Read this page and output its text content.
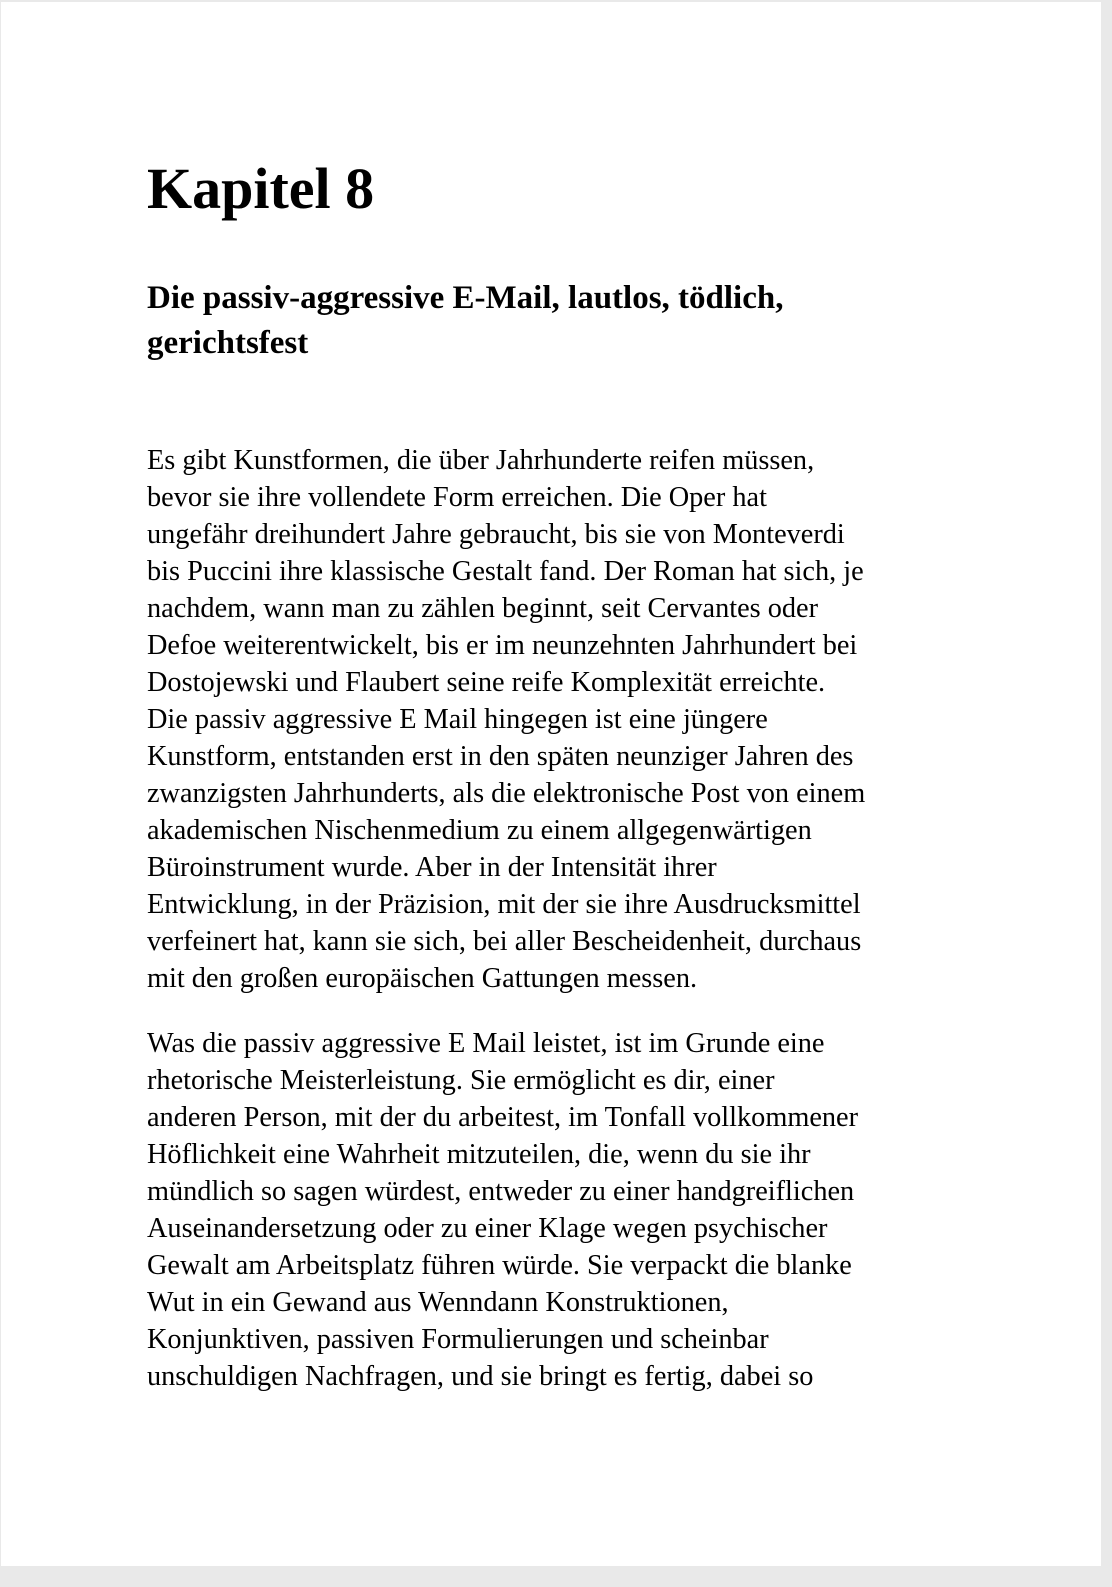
Kapitel 8
Die passiv-aggressive E-Mail, lautlos, tödlich, gerichtsfest
Es gibt Kunstformen, die über Jahrhunderte reifen müssen,
bevor sie ihre vollendete Form erreichen. Die Oper hat
ungefähr dreihundert Jahre gebraucht, bis sie von Monteverdi
bis Puccini ihre klassische Gestalt fand. Der Roman hat sich, je
nachdem, wann man zu zählen beginnt, seit Cervantes oder
Defoe weiterentwickelt, bis er im neunzehnten Jahrhundert bei
Dostojewski und Flaubert seine reife Komplexität erreichte.
Die passiv aggressive E Mail hingegen ist eine jüngere
Kunstform, entstanden erst in den späten neunziger Jahren des
zwanzigsten Jahrhunderts, als die elektronische Post von einem
akademischen Nischenmedium zu einem allgegenwärtigen
Büroinstrument wurde. Aber in der Intensität ihrer
Entwicklung, in der Präzision, mit der sie ihre Ausdrucksmittel
verfeinert hat, kann sie sich, bei aller Bescheidenheit, durchaus
mit den großen europäischen Gattungen messen.
Was die passiv aggressive E Mail leistet, ist im Grunde eine
rhetorische Meisterleistung. Sie ermöglicht es dir, einer
anderen Person, mit der du arbeitest, im Tonfall vollkommener
Höflichkeit eine Wahrheit mitzuteilen, die, wenn du sie ihr
mündlich so sagen würdest, entweder zu einer handgreiflichen
Auseinandersetzung oder zu einer Klage wegen psychischer
Gewalt am Arbeitsplatz führen würde. Sie verpackt die blanke
Wut in ein Gewand aus Wenndann Konstruktionen,
Konjunktiven, passiven Formulierungen und scheinbar
unschuldigen Nachfragen, und sie bringt es fertig, dabei so
